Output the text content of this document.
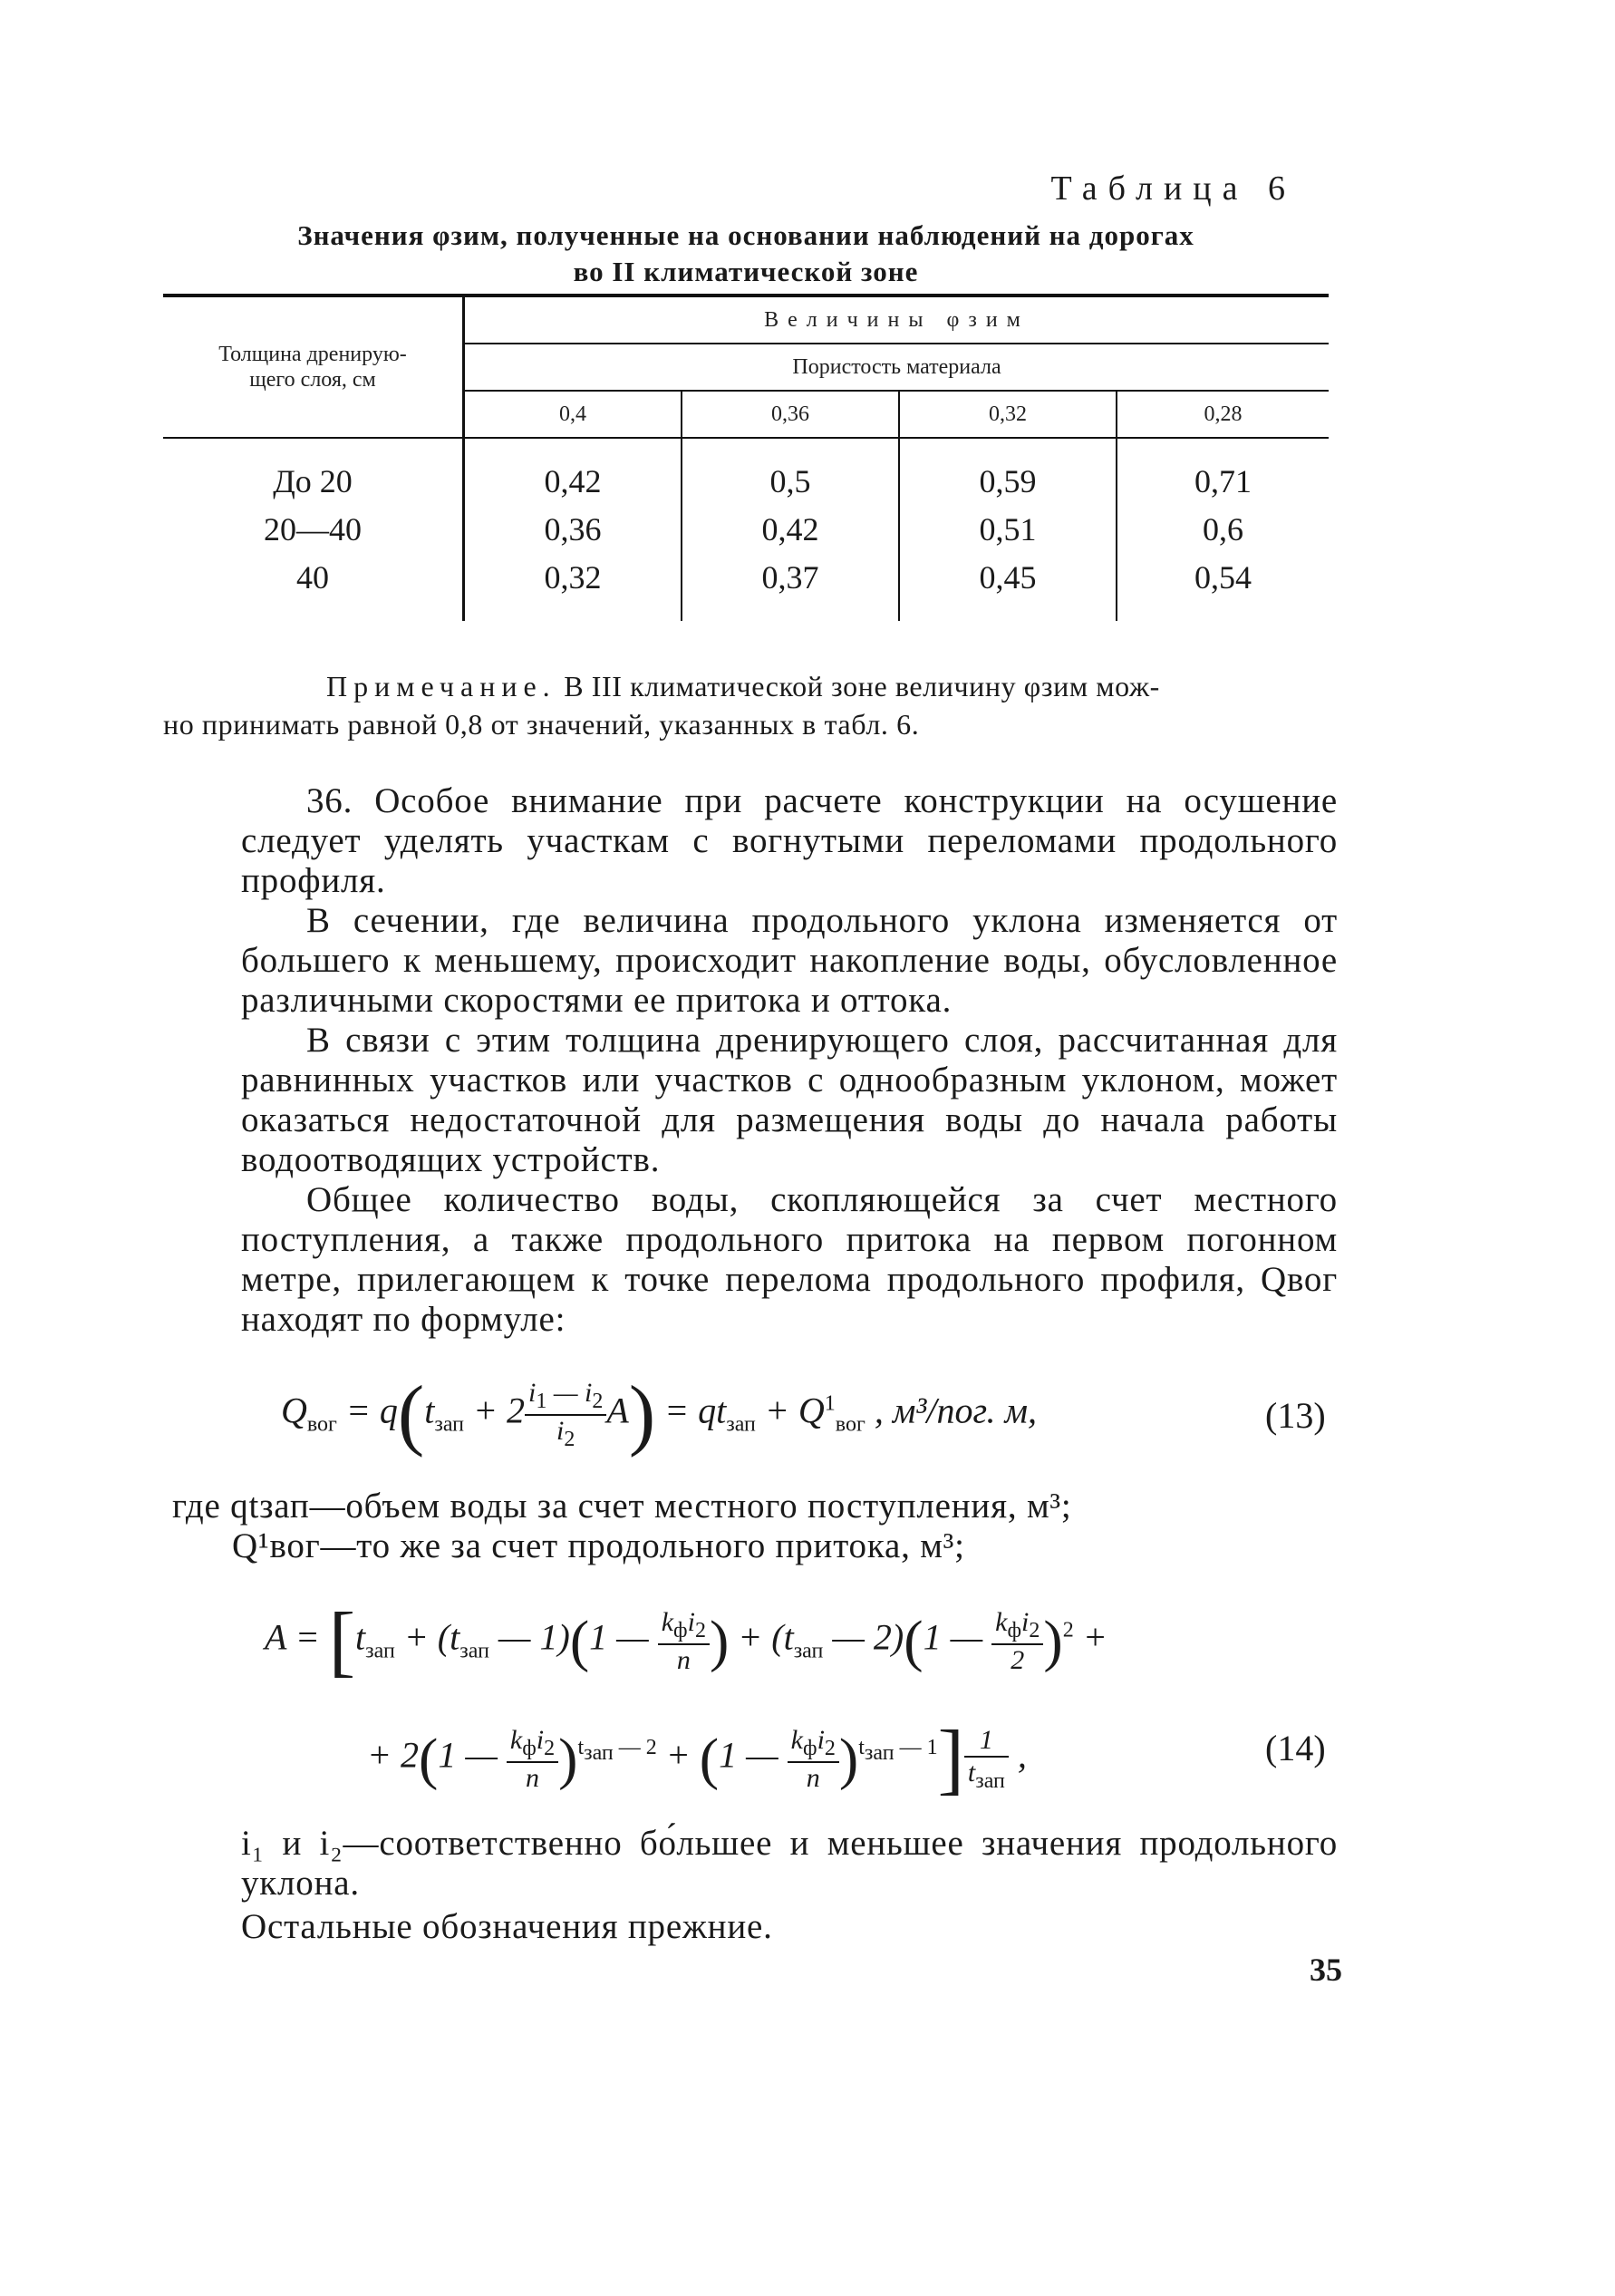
Таблица 6
Значения φзим, полученные на основании наблюдений на дорогах
во II климатической зоне
Толщина дренирую-
щего слоя, см	Величины φзим			
	Пористость материала			
	0,4	0,36	0,32	0,28

До 20	0,42	0,5	0,59	0,71
20—40	0,36	0,42	0,51	0,6
40	0,32	0,37	0,45	0,54

Примечание. В III климатической зоне величину φзим мож-
но принимать равной 0,8 от значений, указанных в табл. 6.

36. Особое внимание при расчете конструкции на осушение следует уделять участкам с вогнутыми переломами продольного профиля.

В сечении, где величина продольного уклона изменяется от большего к меньшему, происходит накопление воды, обусловленное различными скоростями ее притока и оттока.

В связи с этим толщина дренирующего слоя, рассчитанная для равнинных участков или участков с однообразным уклоном, может оказаться недостаточной для размещения воды до начала работы водоотводящих устройств.

Общее количество воды, скопляющейся за счет местного поступления, а также продольного притока на первом погонном метре, прилегающем к точке перелома продольного профиля, Qвог находят по формуле:

$Q_{вог} = q(t_{зап} + 2 \frac{i_1 — i_2}{i_2} A) = qt_{зап} + Q^1_{вог}$ , м³/пог. м,	(13)
где qtзап—объем воды за счет местного поступления, м³;
Q¹вог—то же за счет продольного притока, м³;
$A = [t_{зап} + (t_{зап}$ — 1)(1 — $\frac{k_фi_2}{n}$ ) + ($t_{зап}$ — 2)(1 — $\frac{k_фi_2}{2} )^2$ +
+ 2(1 — $\frac{k_фi_2}{n} )^{t_{зап} — 2} + (1$ — $\frac{k_фi_2}{n} )^{t_{зап} — 1}] \frac{1}{t_{зап}}$ ,	(14)
i₁ и i₂—соответственно бо́льшее и меньшее значения продольного уклона.
Остальные обозначения прежние.
35
